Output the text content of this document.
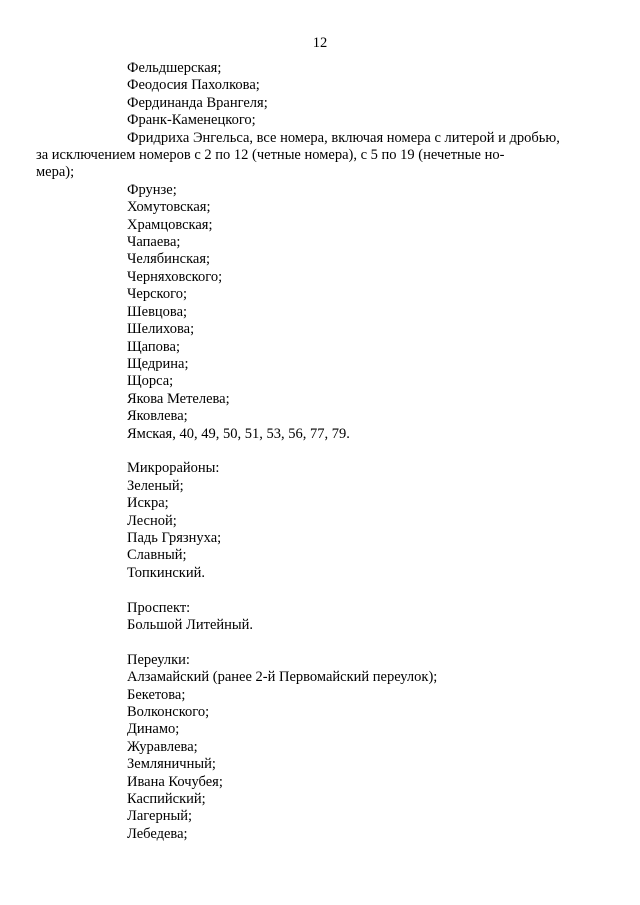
12
Фельдшерская;
Феодосия Пахолкова;
Фердинанда Врангеля;
Франк-Каменецкого;
Фридриха Энгельса, все номера, включая номера с литерой и дробью,
за исключением номеров с 2 по 12 (четные номера), с 5 по 19 (нечетные но-
мера);
Фрунзе;
Хомутовская;
Храмцовская;
Чапаева;
Челябинская;
Черняховского;
Черского;
Шевцова;
Шелихова;
Щапова;
Щедрина;
Щорса;
Якова Метелева;
Яковлева;
Ямская, 40, 49, 50, 51, 53, 56, 77, 79.
Микрорайоны:
Зеленый;
Искра;
Лесной;
Падь Грязнуха;
Славный;
Топкинский.
Проспект:
Большой Литейный.
Переулки:
Алзамайский (ранее 2-й Первомайский переулок);
Бекетова;
Волконского;
Динамо;
Журавлева;
Земляничный;
Ивана Кочубея;
Каспийский;
Лагерный;
Лебедева;
